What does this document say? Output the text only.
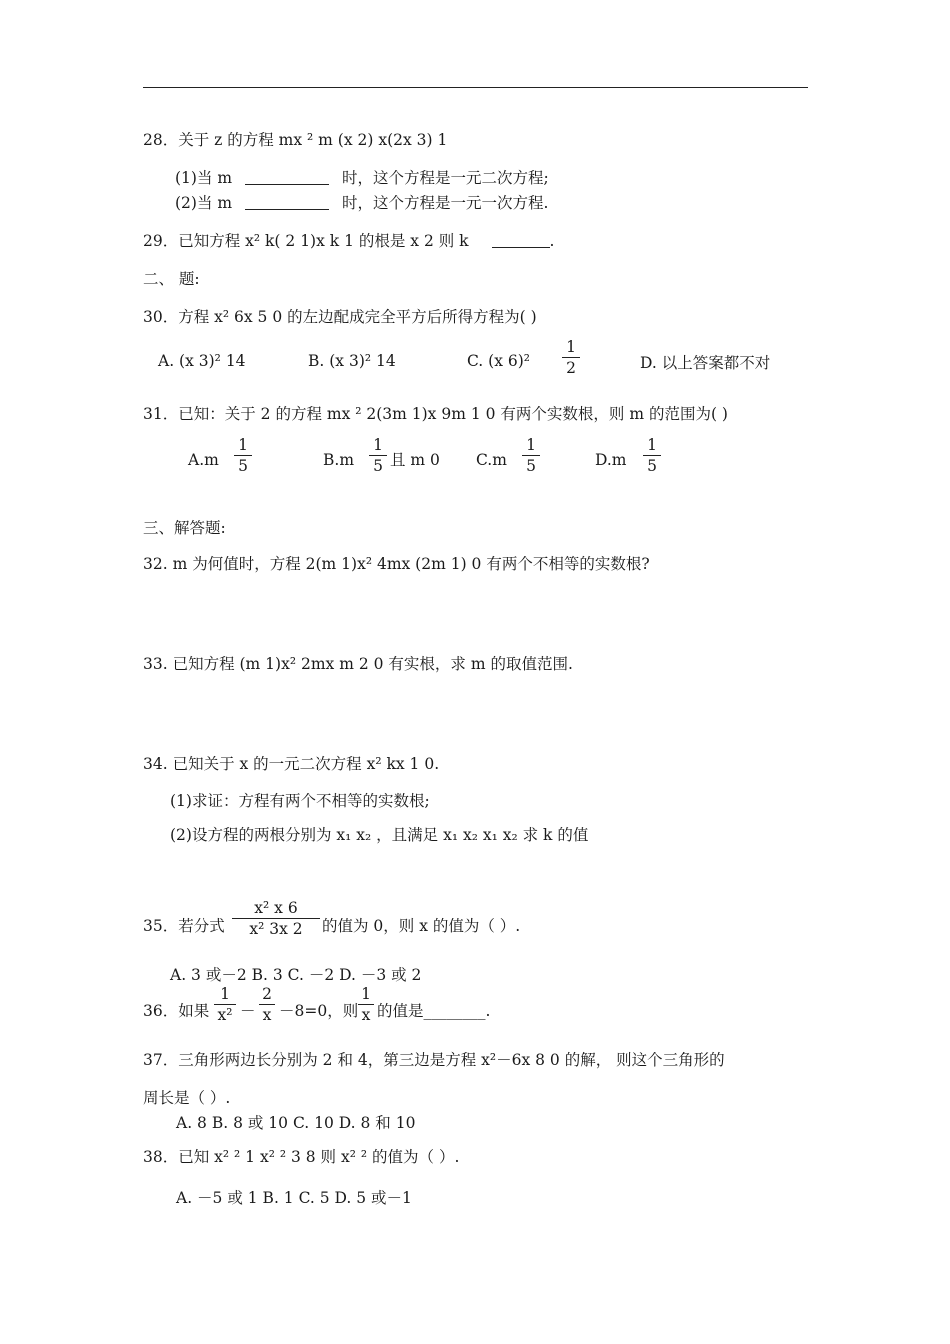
28．关于 z 的方程 mx ² m (x 2) x(2x 3) 1
(1)当 m	时，这个方程是一元二次方程;
(2)当 m	时，这个方程是一元一次方程.
29．已知方程 x² k( 2 1)x k 1 的根是 x 2 则 k	.
二、 题:
30．方程 x² 6x 5 0 的左边配成完全平方后所得方程为( )
A. (x 3)² 14	B. (x 3)² 14	C. (x 6)²
1
2	D. 以上答案都不对
31．已知：关于 2 的方程 mx ² 2(3m 1)x 9m 1 0 有两个实数根，则 m 的范围为( )
A.m
1
5	B.m
1
5 且 m 0 C.m
1
5	D.m
1
5
三、解答题:
32. m 为何值时，方程 2(m 1)x² 4mx (2m 1) 0 有两个不相等的实数根?
33. 已知方程 (m 1)x² 2mx m 2 0 有实根，求 m 的取值范围.
34. 已知关于 x 的一元二次方程 x² kx 1 0.
(1)求证：方程有两个不相等的实数根;
(2)设方程的两根分别为 x₁ x₂ ，且满足 x₁ x₂ x₁ x₂ 求 k 的值
35．若分式
x² x 6
x² 3x 2	的值为 0，则 x 的值为（ ）.
A. 3 或－2 B. 3 C. －2 D. －3 或 2
36．如果
1
x² －
2
x －8=0，则
1
x 的值是________.
37．三角形两边长分别为 2 和 4，第三边是方程 x²－6x 8 0 的解， 则这个三角形的
周长是（ ）.
A. 8 B. 8 或 10 C. 10 D. 8 和 10
38．已知 x² ² 1 x² ² 3 8 则 x² ² 的值为（ ）.
A. －5 或 1 B. 1 C. 5 D. 5 或－1
